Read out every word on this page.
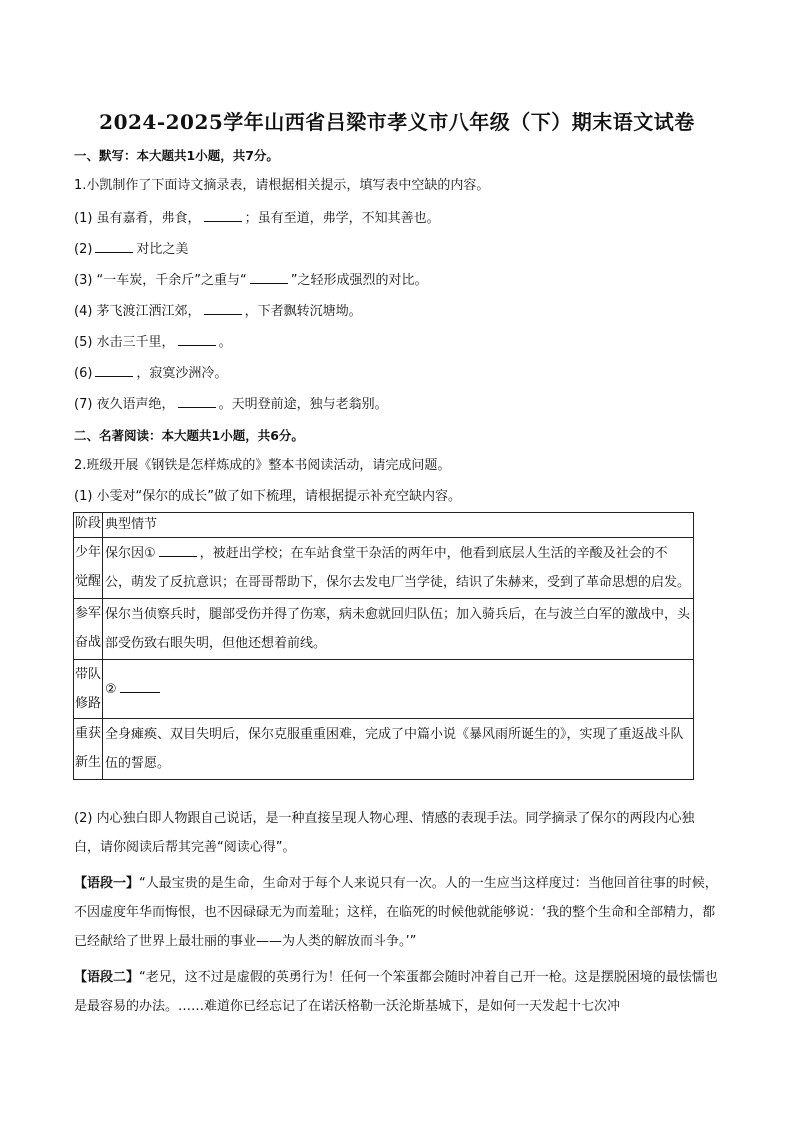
2024-2025学年山西省吕梁市孝义市八年级（下）期末语文试卷
一、默写：本大题共1小题，共7分。
1.小凯制作了下面诗文摘录表，请根据相关提示，填写表中空缺的内容。
(1) 虽有嘉肴，弗食，	；虽有至道，弗学，不知其善也。
(2)	对比之美
(3) “一车炭，千余斤”之重与“	”之轻形成强烈的对比。
(4) 茅飞渡江洒江郊，	，下者飘转沉塘坳。
(5) 水击三千里，	。
(6)	，寂寞沙洲冷。
(7) 夜久语声绝，	。天明登前途，独与老翁别。
二、名著阅读：本大题共1小题，共6分。
2.班级开展《钢铁是怎样炼成的》整本书阅读活动，请完成问题。
(1) 小雯对“保尔的成长”做了如下梳理，请根据提示补充空缺内容。
阶段	典型情节
少年觉醒	保尔因① ，被赶出学校；在车站食堂干杂活的两年中，他看到底层人生活的辛酸及社会的不公，萌发了反抗意识；在哥哥帮助下，保尔去发电厂当学徒，结识了朱赫来，受到了革命思想的启发。
参军奋战	保尔当侦察兵时，腿部受伤并得了伤寒，病未愈就回归队伍；加入骑兵后，在与波兰白军的激战中，头部受伤致右眼失明，但他还想着前线。
带队修路	②
重获新生	全身瘫痪、双目失明后，保尔克服重重困难，完成了中篇小说《暴风雨所诞生的》，实现了重返战斗队伍的誓愿。
(2) 内心独白即人物跟自己说话，是一种直接呈现人物心理、情感的表现手法。同学摘录了保尔的两段内心独白，请你阅读后帮其完善“阅读心得”。
【语段一】“人最宝贵的是生命，生命对于每个人来说只有一次。人的一生应当这样度过：当他回首往事的时候，不因虚度年华而悔恨，也不因碌碌无为而羞耻；这样，在临死的时候他就能够说：‘我的整个生命和全部精力，都已经献给了世界上最壮丽的事业——为人类的解放而斗争。’”
【语段二】“老兄，这不过是虚假的英勇行为！任何一个笨蛋都会随时冲着自己开一枪。这是摆脱困境的最怯懦也是最容易的办法。……难道你已经忘记了在诺沃格勒一沃沦斯基城下，是如何一天发起十七次冲
